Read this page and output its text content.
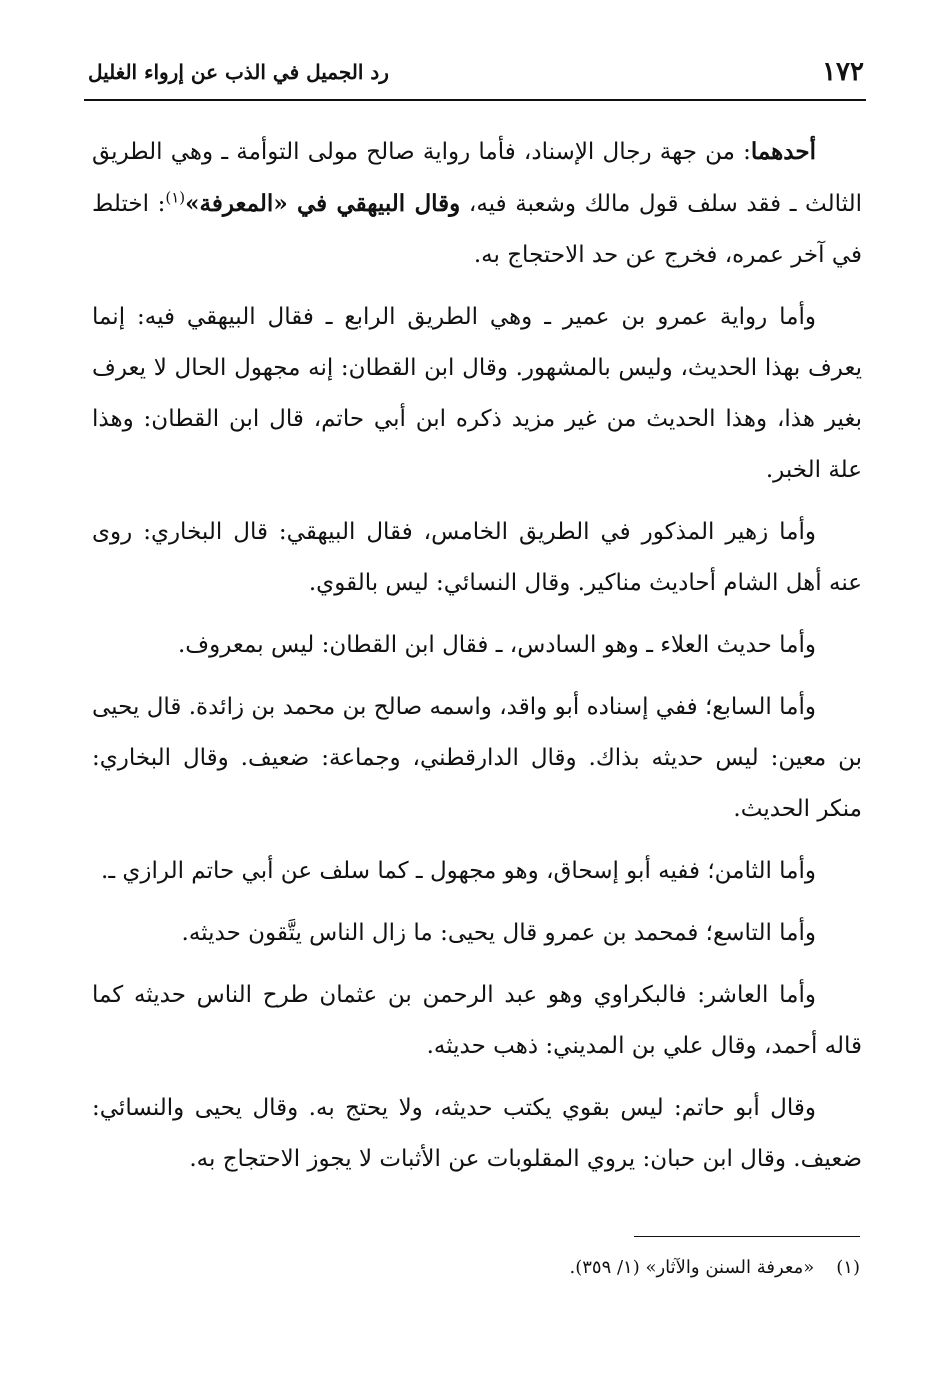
١٧٢
رد الجميل في الذب عن إرواء الغليل

أحدهما: من جهة رجال الإسناد، فأما رواية صالح مولى التوأمة ـ وهي الطريق الثالث ـ فقد سلف قول مالك وشعبة فيه، وقال البيهقي في «المعرفة»$^{(١)}$: اختلط في آخر عمره، فخرج عن حد الاحتجاج به.

وأما رواية عمرو بن عمير ـ وهي الطريق الرابع ـ فقال البيهقي فيه: إنما يعرف بهذا الحديث، وليس بالمشهور. وقال ابن القطان: إنه مجهول الحال لا يعرف بغير هذا، وهذا الحديث من غير مزيد ذكره ابن أبي حاتم، قال ابن القطان: وهذا علة الخبر.

وأما زهير المذكور في الطريق الخامس، فقال البيهقي: قال البخاري: روى عنه أهل الشام أحاديث مناكير. وقال النسائي: ليس بالقوي.

وأما حديث العلاء ـ وهو السادس، ـ فقال ابن القطان: ليس بمعروف.

وأما السابع؛ ففي إسناده أبو واقد، واسمه صالح بن محمد بن زائدة. قال يحيى بن معين: ليس حديثه بذاك. وقال الدارقطني، وجماعة: ضعيف. وقال البخاري: منكر الحديث.

وأما الثامن؛ ففيه أبو إسحاق، وهو مجهول ـ كما سلف عن أبي حاتم الرازي ـ.

وأما التاسع؛ فمحمد بن عمرو قال يحيى: ما زال الناس يتَّقون حديثه.

وأما العاشر: فالبكراوي وهو عبد الرحمن بن عثمان طرح الناس حديثه كما قاله أحمد، وقال علي بن المديني: ذهب حديثه.

وقال أبو حاتم: ليس بقوي يكتب حديثه، ولا يحتج به. وقال يحيى والنسائي: ضعيف. وقال ابن حبان: يروي المقلوبات عن الأثبات لا يجوز الاحتجاج به.

(١)«معرفة السنن والآثار» (١/ ٣٥٩).
